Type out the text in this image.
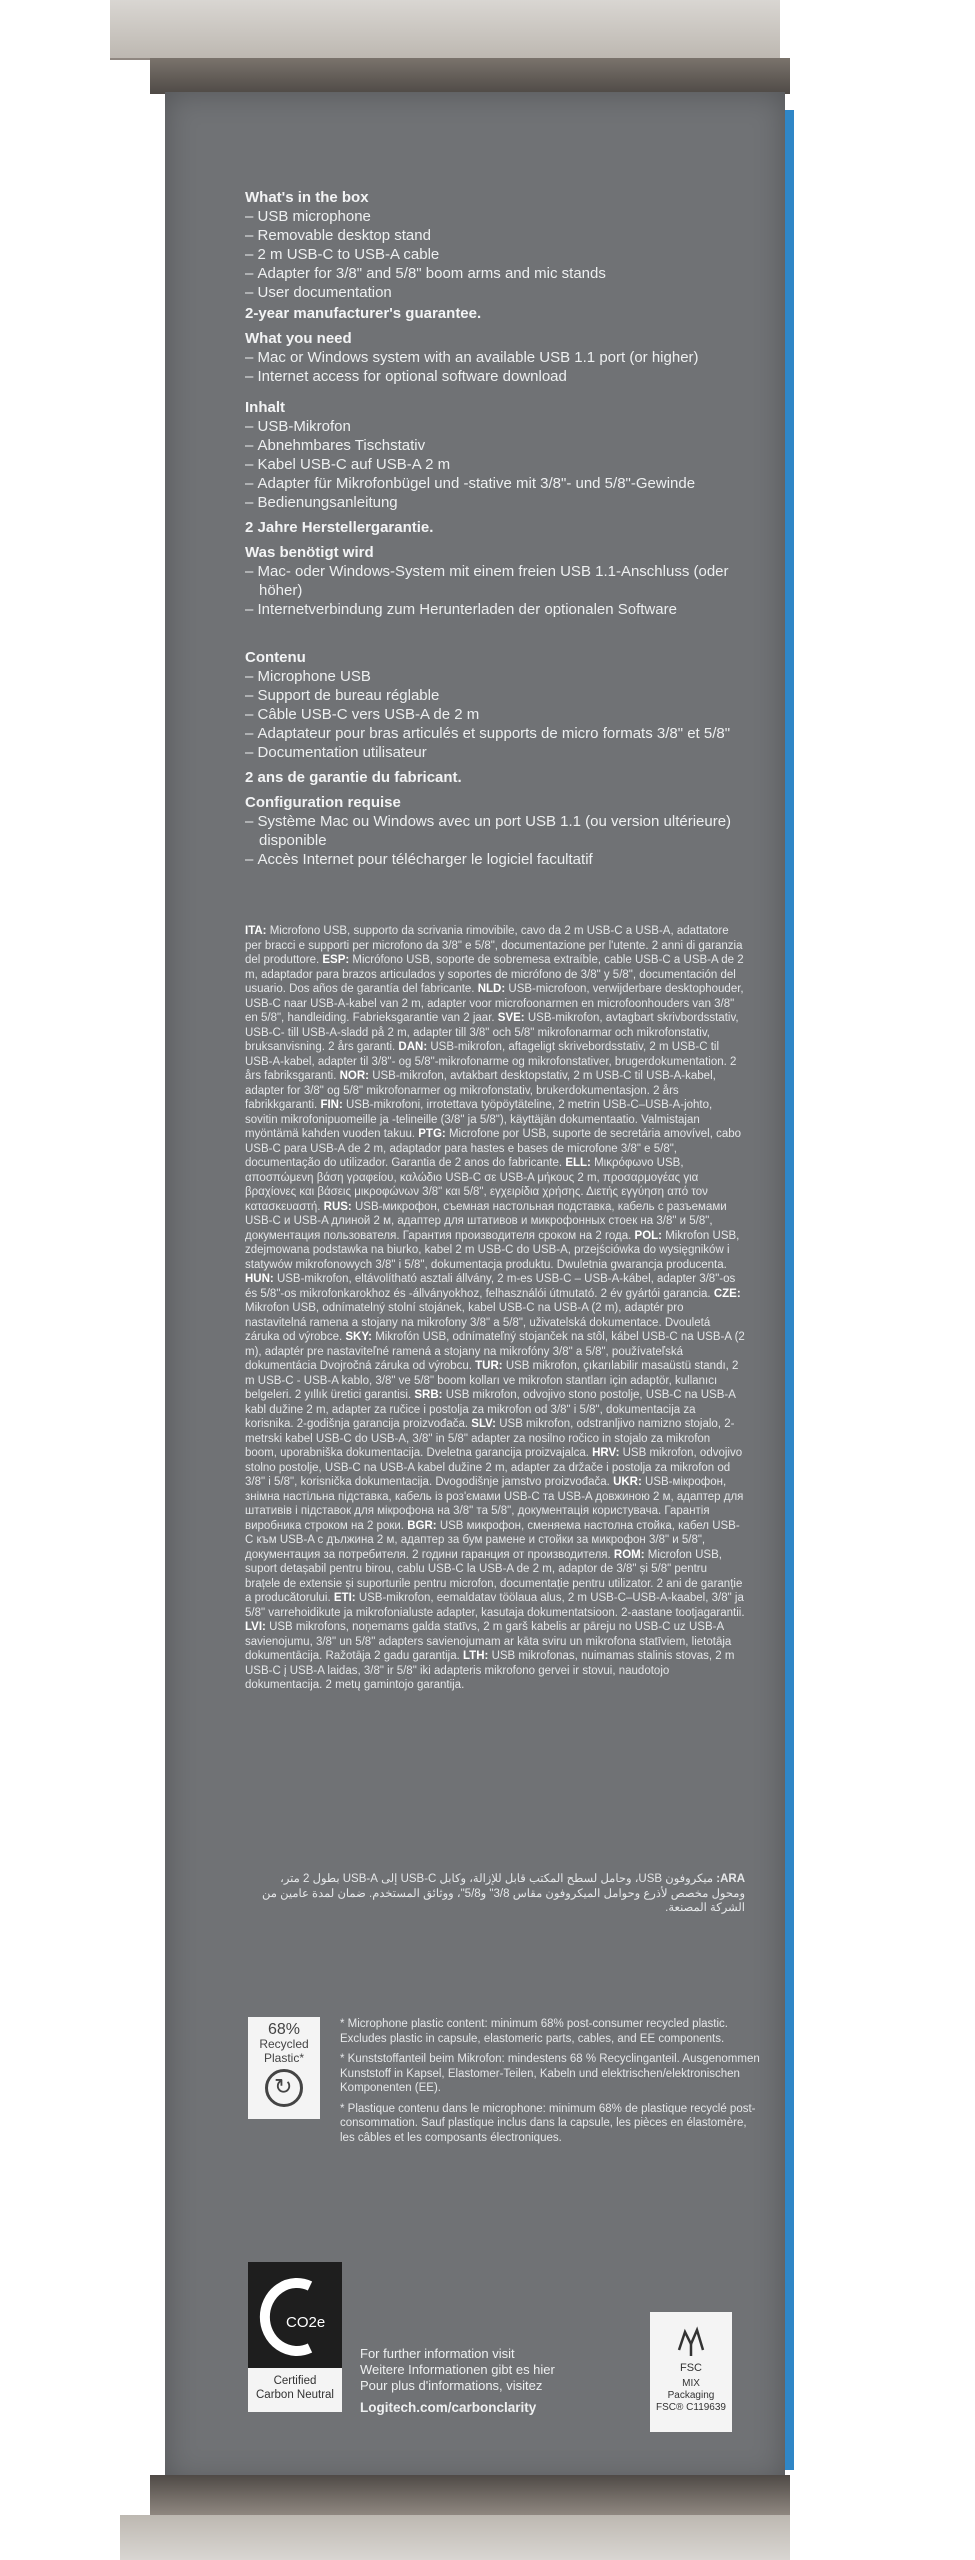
What's in the box
– USB microphone
– Removable desktop stand
– 2 m USB-C to USB-A cable
– Adapter for 3/8" and 5/8" boom arms and mic stands
– User documentation
2-year manufacturer's guarantee.
What you need
– Mac or Windows system with an available USB 1.1 port (or higher)
– Internet access for optional software download
Inhalt
– USB-Mikrofon
– Abnehmbares Tischstativ
– Kabel USB-C auf USB-A 2 m
– Adapter für Mikrofonbügel und -stative mit 3/8"- und 5/8"-Gewinde
– Bedienungsanleitung
2 Jahre Herstellergarantie.
Was benötigt wird
– Mac- oder Windows-System mit einem freien USB 1.1-Anschluss (oder höher)
– Internetverbindung zum Herunterladen der optionalen Software
Contenu
– Microphone USB
– Support de bureau réglable
– Câble USB-C vers USB-A de 2 m
– Adaptateur pour bras articulés et supports de micro formats 3/8" et 5/8"
– Documentation utilisateur
2 ans de garantie du fabricant.
Configuration requise
– Système Mac ou Windows avec un port USB 1.1 (ou version ultérieure) disponible
– Accès Internet pour télécharger le logiciel facultatif
ITA: Microfono USB, supporto da scrivania rimovibile, cavo da 2 m USB-C a USB-A, adattatore per bracci e supporti per microfono da 3/8" e 5/8", documentazione per l'utente. 2 anni di garanzia del produttore. ESP: Micrófono USB, soporte de sobremesa extraíble, cable USB-C a USB-A de 2 m, adaptador para brazos articulados y soportes de micrófono de 3/8" y 5/8", documentación del usuario. Dos años de garantía del fabricante. NLD: USB-microfoon, verwijderbare desktophouder, USB-C naar USB-A-kabel van 2 m, adapter voor microfoonarmen en microfoonhouders van 3/8" en 5/8", handleiding. Fabrieksgarantie van 2 jaar. SVE: USB-mikrofon, avtagbart skrivbordsstativ, USB-C- till USB-A-sladd på 2 m, adapter till 3/8" och 5/8" mikrofonarmar och mikrofonstativ, bruksanvisning. 2 års garanti. DAN: USB-mikrofon, aftageligt skrivebordsstativ, 2 m USB-C til USB-A-kabel, adapter til 3/8"- og 5/8"-mikrofonarme og mikrofonstativer, brugerdokumentation. 2 års fabriksgaranti. NOR: USB-mikrofon, avtakbart desktopstativ, 2 m USB-C til USB-A-kabel, adapter for 3/8" og 5/8" mikrofonarmer og mikrofonstativ, brukerdokumentasjon. 2 års fabrikkgaranti. FIN: USB-mikrofoni, irrotettava työpöytäteline, 2 metrin USB-C–USB-A-johto, sovitin mikrofonipuomeille ja -telineille (3/8" ja 5/8"), käyttäjän dokumentaatio. Valmistajan myöntämä kahden vuoden takuu. PTG: Microfone por USB, suporte de secretária amovível, cabo USB-C para USB-A de 2 m, adaptador para hastes e bases de microfone 3/8" e 5/8", documentação do utilizador. Garantia de 2 anos do fabricante. ELL: Μικρόφωνο USB, αποσπώμενη βάση γραφείου, καλώδιο USB-C σε USB-A μήκους 2 m, προσαρμογέας για βραχίονες και βάσεις μικροφώνων 3/8" και 5/8", εγχειρίδια χρήσης. Διετής εγγύηση από τον κατασκευαστή. RUS: USB-микрофон, съемная настольная подставка, кабель с разъемами USB-C и USB-A длиной 2 м, адаптер для штативов и микрофонных стоек на 3/8" и 5/8", документация пользователя. Гарантия производителя сроком на 2 года. POL: Mikrofon USB, zdejmowana podstawka na biurko, kabel 2 m USB-C do USB-A, przejściówka do wysięgników i statywów mikrofonowych 3/8" i 5/8", dokumentacja produktu. Dwuletnia gwarancja producenta. HUN: USB-mikrofon, eltávolítható asztali állvány, 2 m-es USB-C – USB-A-kábel, adapter 3/8"-os és 5/8"-os mikrofonkarokhoz és -állványokhoz, felhasználói útmutató. 2 év gyártói garancia. CZE: Mikrofon USB, odnímatelný stolní stojánek, kabel USB-C na USB-A (2 m), adaptér pro nastavitelná ramena a stojany na mikrofony 3/8" a 5/8", uživatelská dokumentace. Dvouletá záruka od výrobce. SKY: Mikrofón USB, odnímateľný stojanček na stôl, kábel USB-C na USB-A (2 m), adaptér pre nastaviteľné ramená a stojany na mikrofóny 3/8" a 5/8", používateľská dokumentácia Dvojročná záruka od výrobcu. TUR: USB mikrofon, çıkarılabilir masaüstü standı, 2 m USB-C - USB-A kablo, 3/8" ve 5/8" boom kolları ve mikrofon stantları için adaptör, kullanıcı belgeleri. 2 yıllık üretici garantisi. SRB: USB mikrofon, odvojivo stono postolje, USB-C na USB-A kabl dužine 2 m, adapter za ručice i postolja za mikrofon od 3/8" i 5/8", dokumentacija za korisnika. 2-godišnja garancija proizvođača. SLV: USB mikrofon, odstranljivo namizno stojalo, 2-metrski kabel USB-C do USB-A, 3/8" in 5/8" adapter za nosilno ročico in stojalo za mikrofon boom, uporabniška dokumentacija. Dveletna garancija proizvajalca. HRV: USB mikrofon, odvojivo stolno postolje, USB-C na USB-A kabel dužine 2 m, adapter za držače i postolja za mikrofon od 3/8" i 5/8", korisnička dokumentacija. Dvogodišnje jamstvo proizvođača. UKR: USB-мікрофон, знімна настільна підставка, кабель із роз'ємами USB-C та USB-A довжиною 2 м, адаптер для штативів і підставок для мікрофона на 3/8" та 5/8", документація користувача. Гарантія виробника строком на 2 роки. BGR: USB микрофон, сменяема настолна стойка, кабел USB-C към USB-A с дължина 2 м, адаптер за бум рамене и стойки за микрофон 3/8" и 5/8", документация за потребителя. 2 години гаранция от производителя. ROM: Microfon USB, suport detașabil pentru birou, cablu USB-C la USB-A de 2 m, adaptor de 3/8" și 5/8" pentru brațele de extensie și suporturile pentru microfon, documentație pentru utilizator. 2 ani de garanție a producătorului. ETI: USB-mikrofon, eemaldatav töölaua alus, 2 m USB-C–USB-A-kaabel, 3/8" ja 5/8" varrehoidikute ja mikrofonialuste adapter, kasutaja dokumentatsioon. 2-aastane tootjagarantii. LVI: USB mikrofons, noņemams galda statīvs, 2 m garš kabelis ar pāreju no USB-C uz USB-A savienojumu, 3/8" un 5/8" adapters savienojumam ar kāta sviru un mikrofona statīviem, lietotāja dokumentācija. Ražotāja 2 gadu garantija. LTH: USB mikrofonas, nuimamas stalinis stovas, 2 m USB-C į USB-A laidas, 3/8" ir 5/8" iki adapteris mikrofono gervei ir stovui, naudotojo dokumentacija. 2 metų gamintojo garantija.
ARA: ميكروفون USB، وحامل لسطح المكتب قابل للإزالة، وكابل USB-C إلى USB-A بطول 2 متر، ومحول مخصص لأذرع وحوامل الميكروفون مقاس 3/8" و5/8"، ووثائق المستخدم. ضمان لمدة عامين من الشركة المصنعة.
68%
Recycled
Plastic*
↻

* Microphone plastic content: minimum 68% post-consumer recycled plastic. Excludes plastic in capsule, elastomeric parts, cables, and EE components.

* Kunststoffanteil beim Mikrofon: mindestens 68 % Recyclinganteil. Ausgenommen Kunststoff in Kapsel, Elastomer-Teilen, Kabeln und elektrischen/elektronischen Komponenten (EE).

* Plastique contenu dans le microphone: minimum 68% de plastique recyclé post-consommation. Sauf plastique inclus dans la capsule, les pièces en élastomère, les câbles et les composants électroniques.

CO2e
Certified
Carbon Neutral
For further information visit
Weitere Informationen gibt es hier
Pour plus d'informations, visitez
Logitech.com/carbonclarity
FSC
MIX
Packaging
FSC® C119639
